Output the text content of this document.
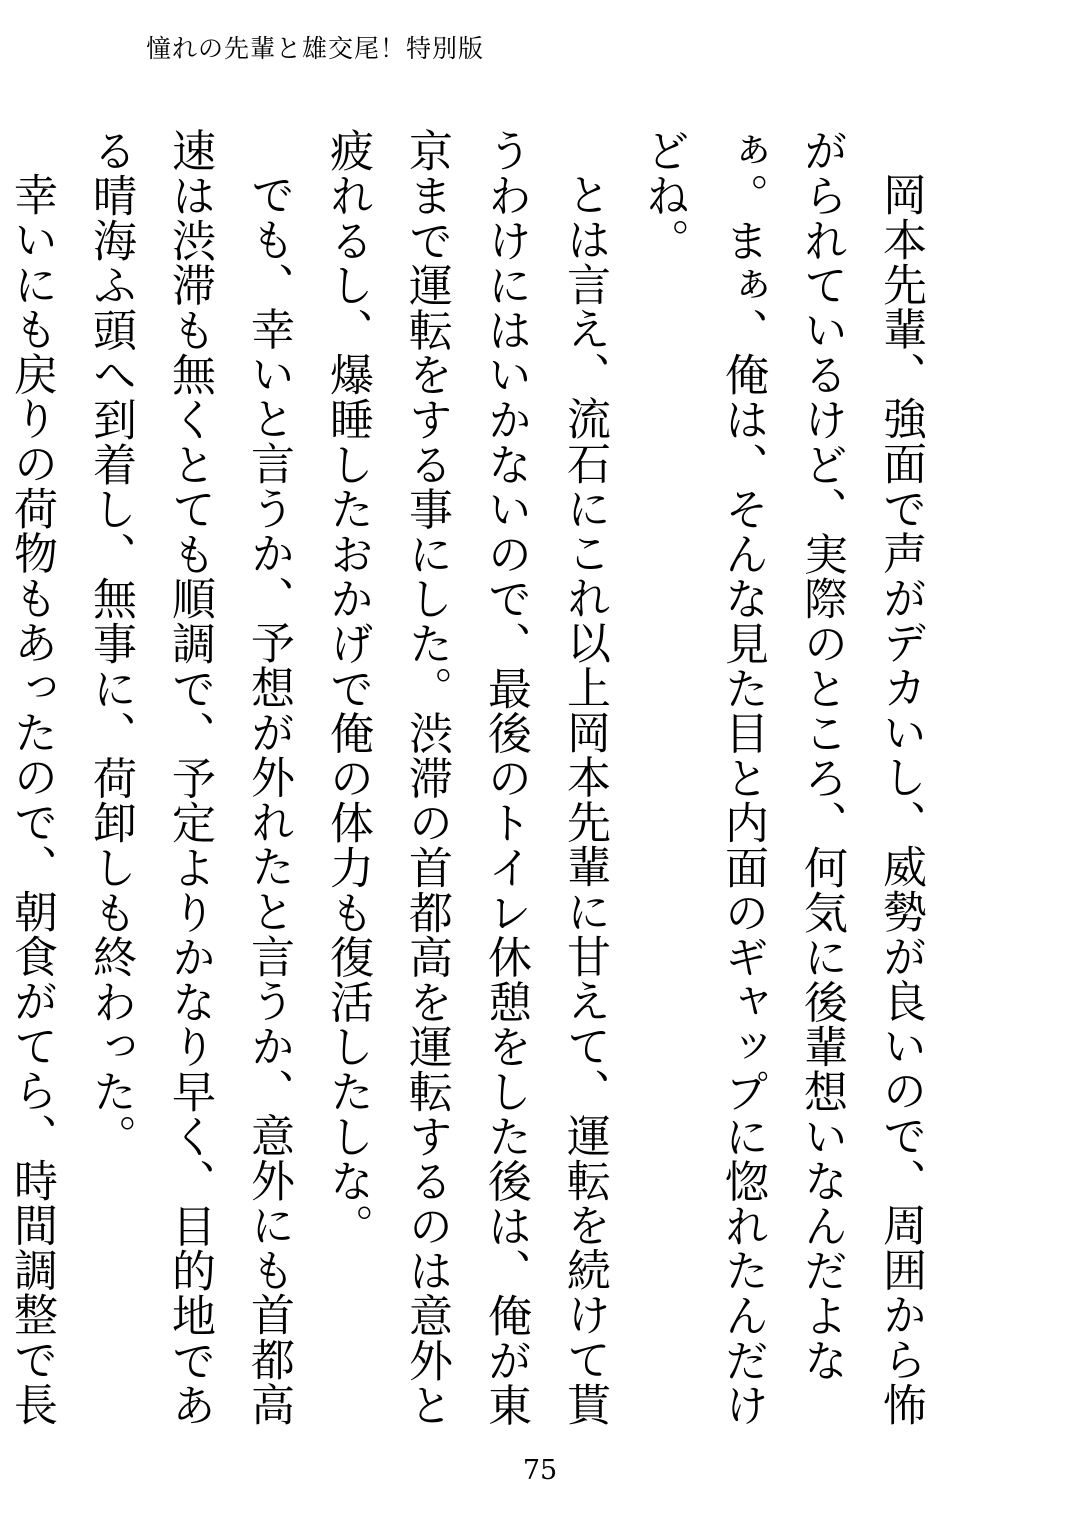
憧れの先輩と雄交尾！特別版

岡本先輩、強面で声がデカいし、威勢が良いので、周囲から怖がられているけど、実際のところ、何気に後輩想いなんだよなぁ。まぁ、俺は、そんな見た目と内面のギャップに惚れたんだけどね。

とは言え、流石にこれ以上岡本先輩に甘えて、運転を続けて貰うわけにはいかないので、最後のトイレ休憩をした後は、俺が東京まで運転をする事にした。渋滞の首都高を運転するのは意外と疲れるし、爆睡したおかげで俺の体力も復活したしな。

でも、幸いと言うか、予想が外れたと言うか、意外にも首都高速は渋滞も無くとても順調で、予定よりかなり早く、目的地である晴海ふ頭へ到着し、無事に、荷卸しも終わった。

幸いにも戻りの荷物もあったので、朝食がてら、時間調整で長

75
